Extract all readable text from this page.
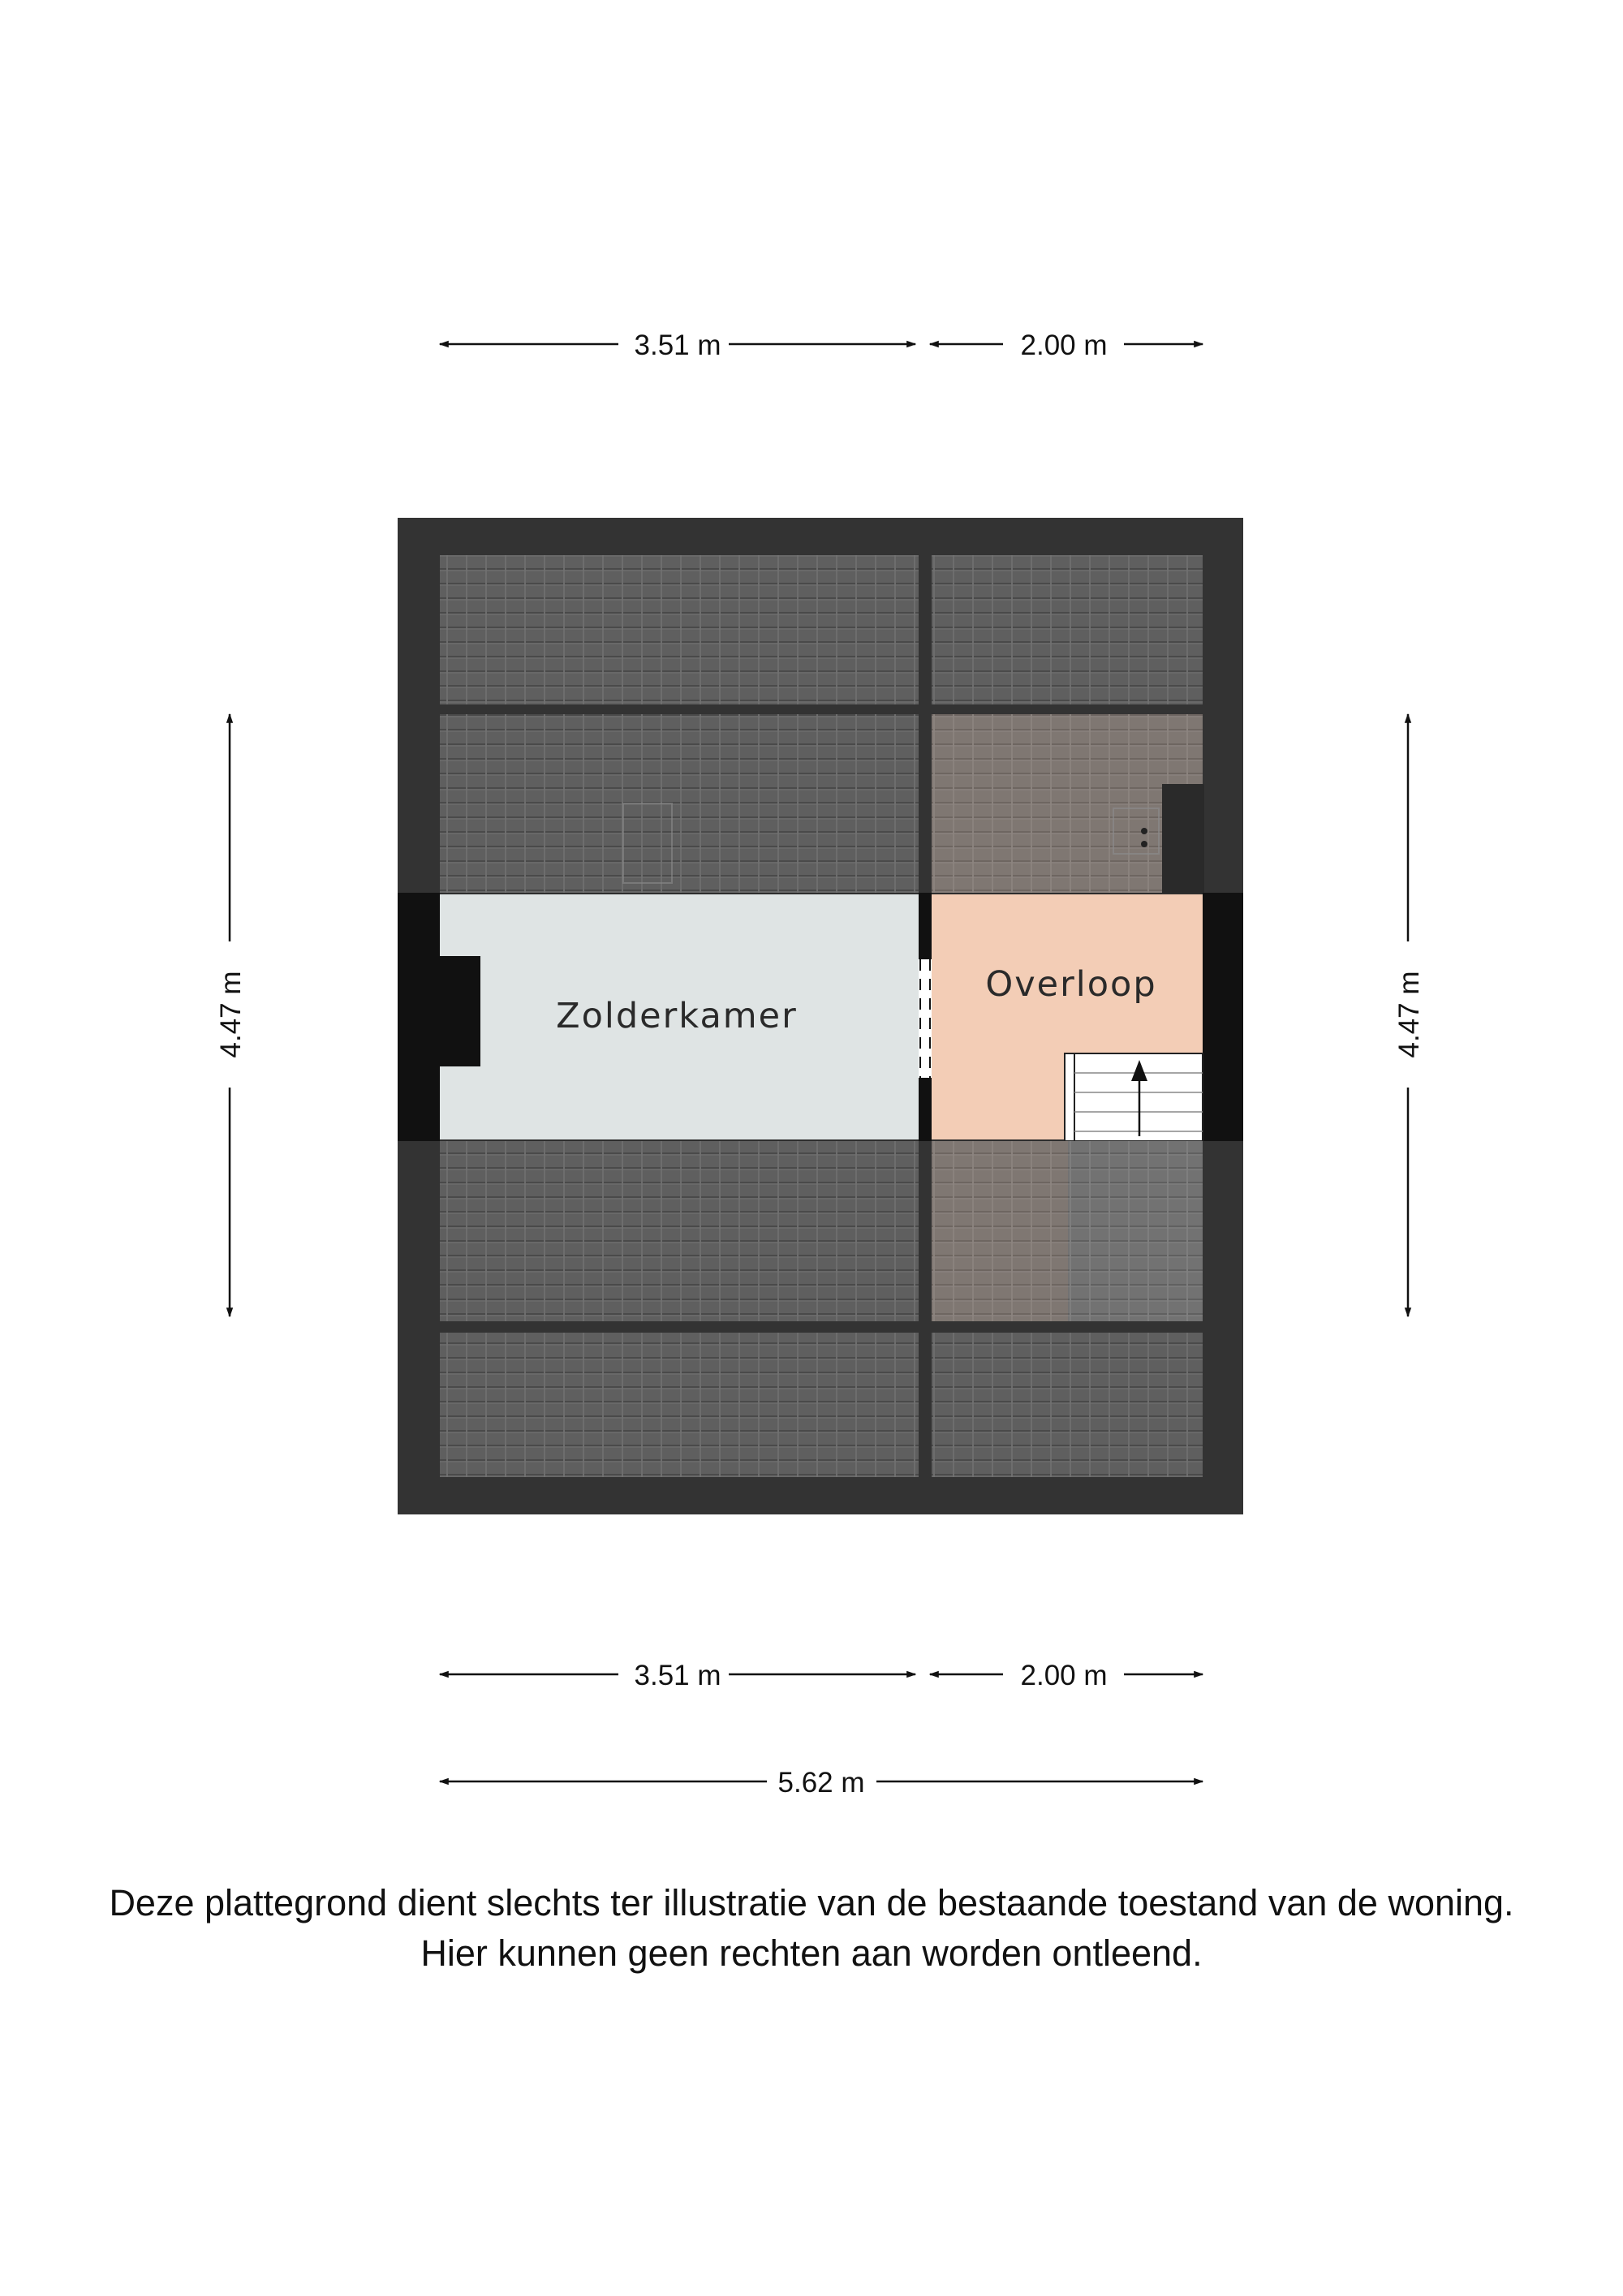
3.51 m	2.00 m
4.47 m	4.47 m
Zolderkamer
Overloop
3.51 m	2.00 m
5.62 m
Deze plattegrond dient slechts ter illustratie van de bestaande toestand van de woning.
Hier kunnen geen rechten aan worden ontleend.
